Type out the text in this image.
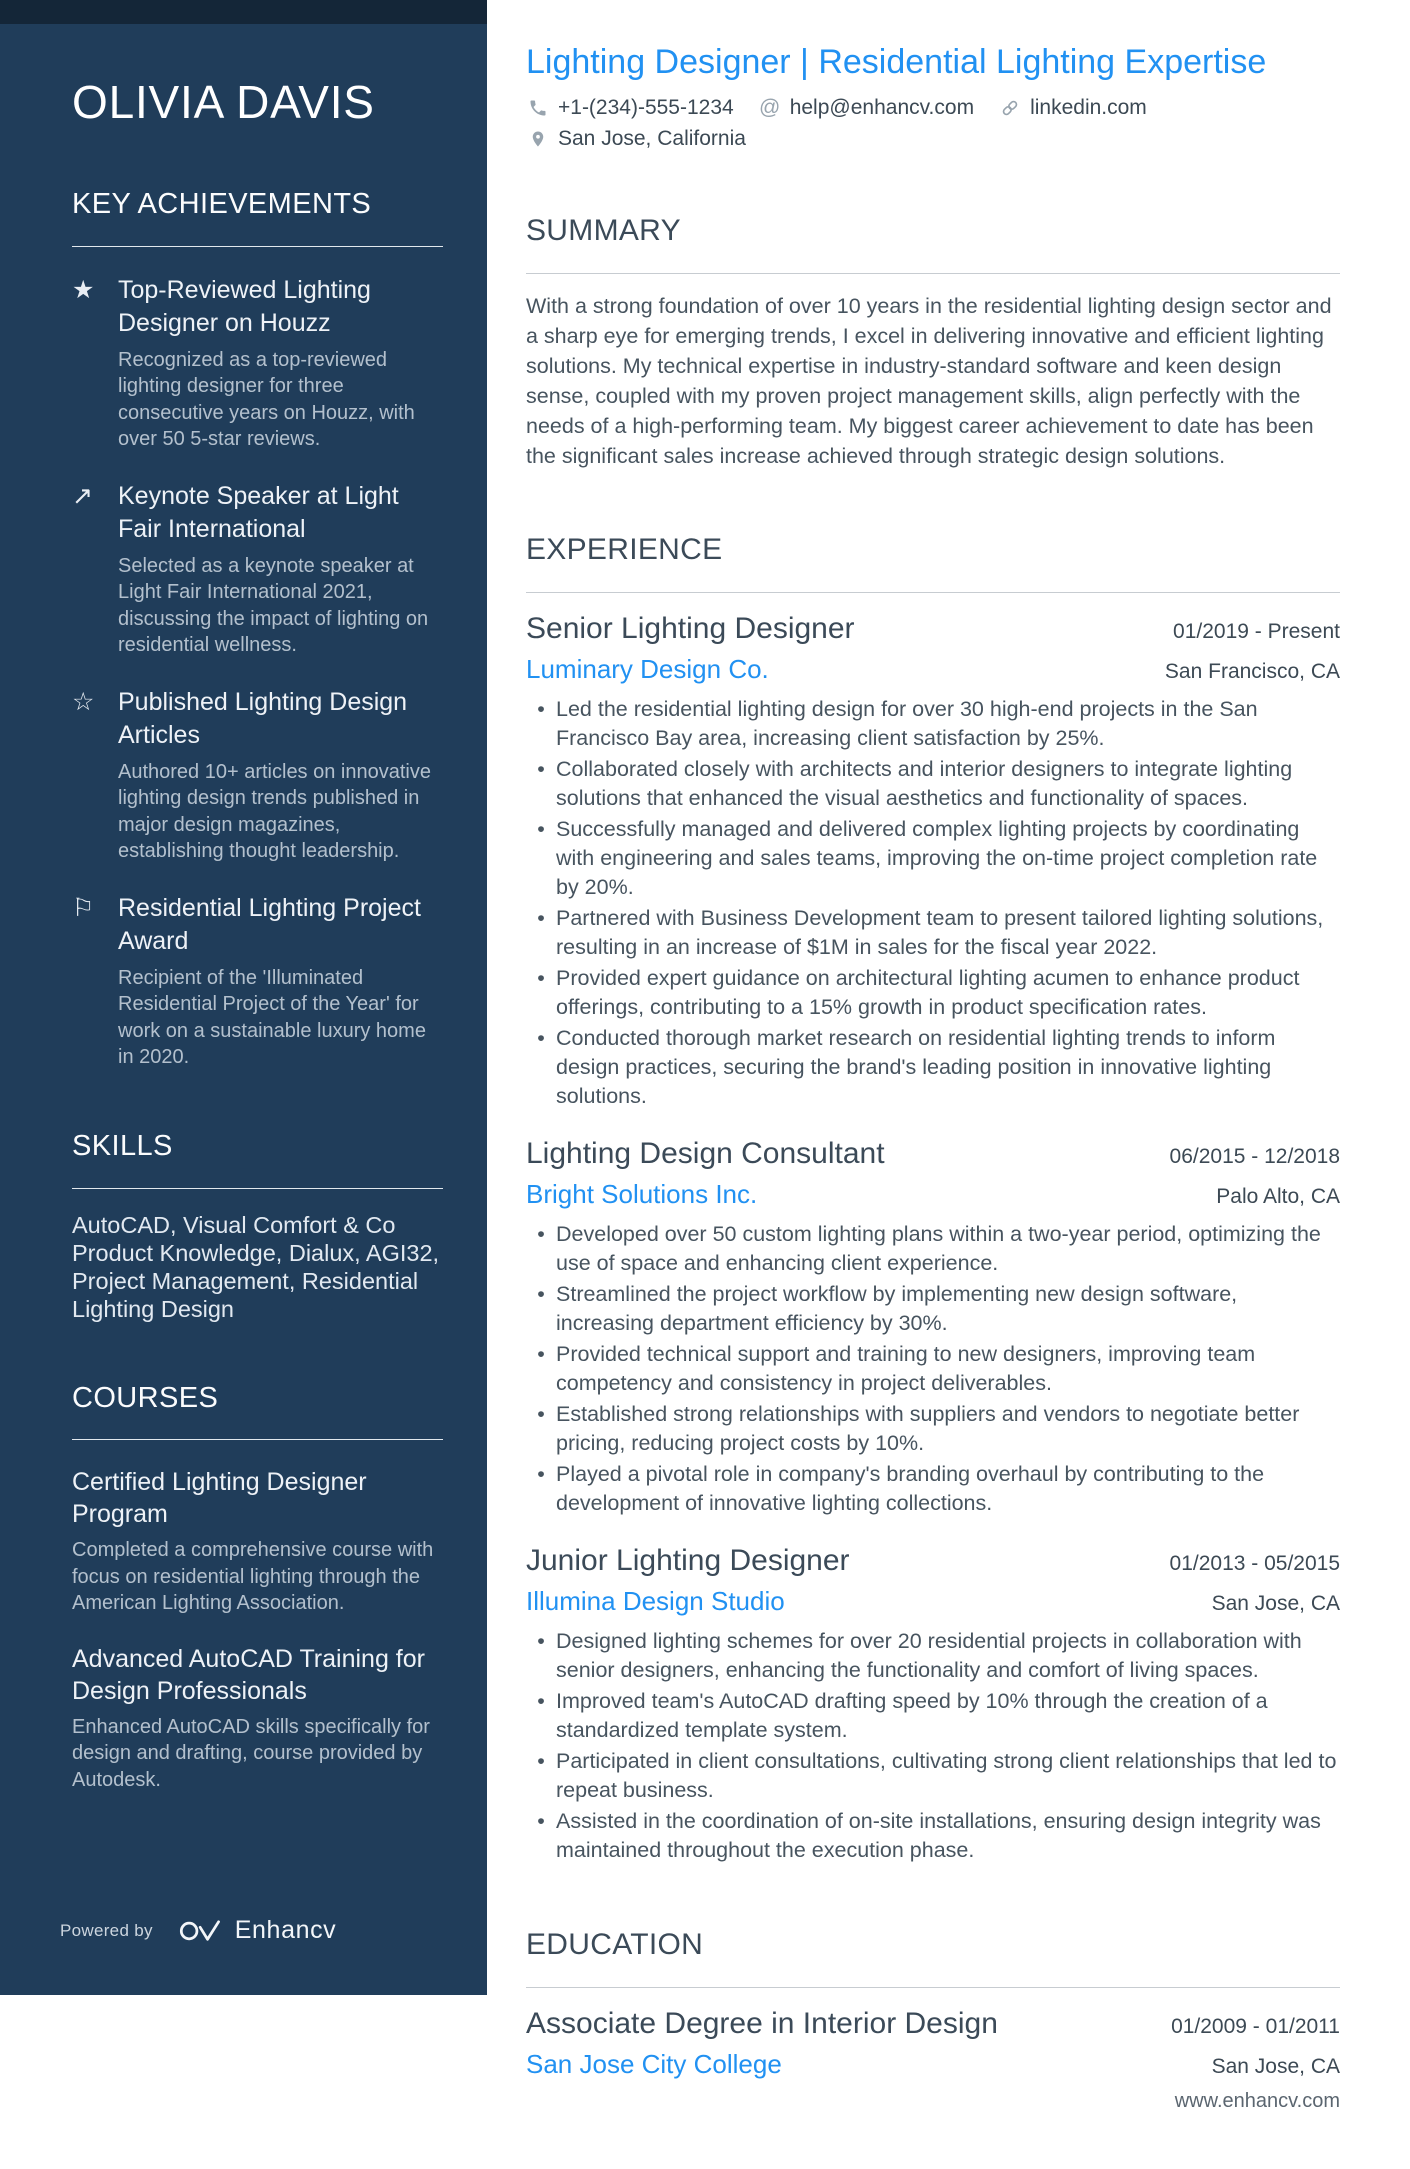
OLIVIA DAVIS
KEY ACHIEVEMENTS
★ Top-Reviewed Lighting Designer on Houzz
Recognized as a top-reviewed lighting designer for three consecutive years on Houzz, with over 50 5-star reviews.
↗	Keynote Speaker at Light Fair International
Selected as a keynote speaker at Light Fair International 2021, discussing the impact of lighting on residential wellness.
☆ Published Lighting Design Articles
Authored 10+ articles on innovative lighting design trends published in major design magazines, establishing thought leadership.
⚐ Residential Lighting Project Award
Recipient of the 'Illuminated Residential Project of the Year' for work on a sustainable luxury home in 2020.
SKILLS
AutoCAD, Visual Comfort & Co Product Knowledge, Dialux, AGI32, Project Management, Residential Lighting Design
COURSES
Certified Lighting Designer Program
Completed a comprehensive course with focus on residential lighting through the American Lighting Association.
Advanced AutoCAD Training for Design Professionals
Enhanced AutoCAD skills specifically for design and drafting, course provided by Autodesk.
Powered by	Enhancv
Lighting Designer | Residential Lighting Expertise
+1-(234)-555-1234 @ help@enhancv.com	linkedin.com
San Jose, California
SUMMARY

With a strong foundation of over 10 years in the residential lighting design sector and a sharp eye for emerging trends, I excel in delivering innovative and efficient lighting solutions. My technical expertise in industry-standard software and keen design sense, coupled with my proven project management skills, align perfectly with the needs of a high-performing team. My biggest career achievement to date has been the significant sales increase achieved through strategic design solutions.

EXPERIENCE
Senior Lighting Designer	01/2019 - Present
Luminary Design Co.	San Francisco, CA
• Led the residential lighting design for over 30 high-end projects in the San Francisco Bay area, increasing client satisfaction by 25%.
• Collaborated closely with architects and interior designers to integrate lighting solutions that enhanced the visual aesthetics and functionality of spaces.
• Successfully managed and delivered complex lighting projects by coordinating with engineering and sales teams, improving the on-time project completion rate by 20%.
• Partnered with Business Development team to present tailored lighting solutions, resulting in an increase of $1M in sales for the fiscal year 2022.
• Provided expert guidance on architectural lighting acumen to enhance product offerings, contributing to a 15% growth in product specification rates.
• Conducted thorough market research on residential lighting trends to inform design practices, securing the brand's leading position in innovative lighting solutions.
Lighting Design Consultant	06/2015 - 12/2018
Bright Solutions Inc.	Palo Alto, CA
• Developed over 50 custom lighting plans within a two-year period, optimizing the use of space and enhancing client experience.
• Streamlined the project workflow by implementing new design software, increasing department efficiency by 30%.
• Provided technical support and training to new designers, improving team competency and consistency in project deliverables.
• Established strong relationships with suppliers and vendors to negotiate better pricing, reducing project costs by 10%.
• Played a pivotal role in company's branding overhaul by contributing to the development of innovative lighting collections.
Junior Lighting Designer	01/2013 - 05/2015
Illumina Design Studio	San Jose, CA
• Designed lighting schemes for over 20 residential projects in collaboration with senior designers, enhancing the functionality and comfort of living spaces.
• Improved team's AutoCAD drafting speed by 10% through the creation of a standardized template system.
• Participated in client consultations, cultivating strong client relationships that led to repeat business.
• Assisted in the coordination of on-site installations, ensuring design integrity was maintained throughout the execution phase.
EDUCATION
Associate Degree in Interior Design	01/2009 - 01/2011
San Jose City College	San Jose, CA
www.enhancv.com
